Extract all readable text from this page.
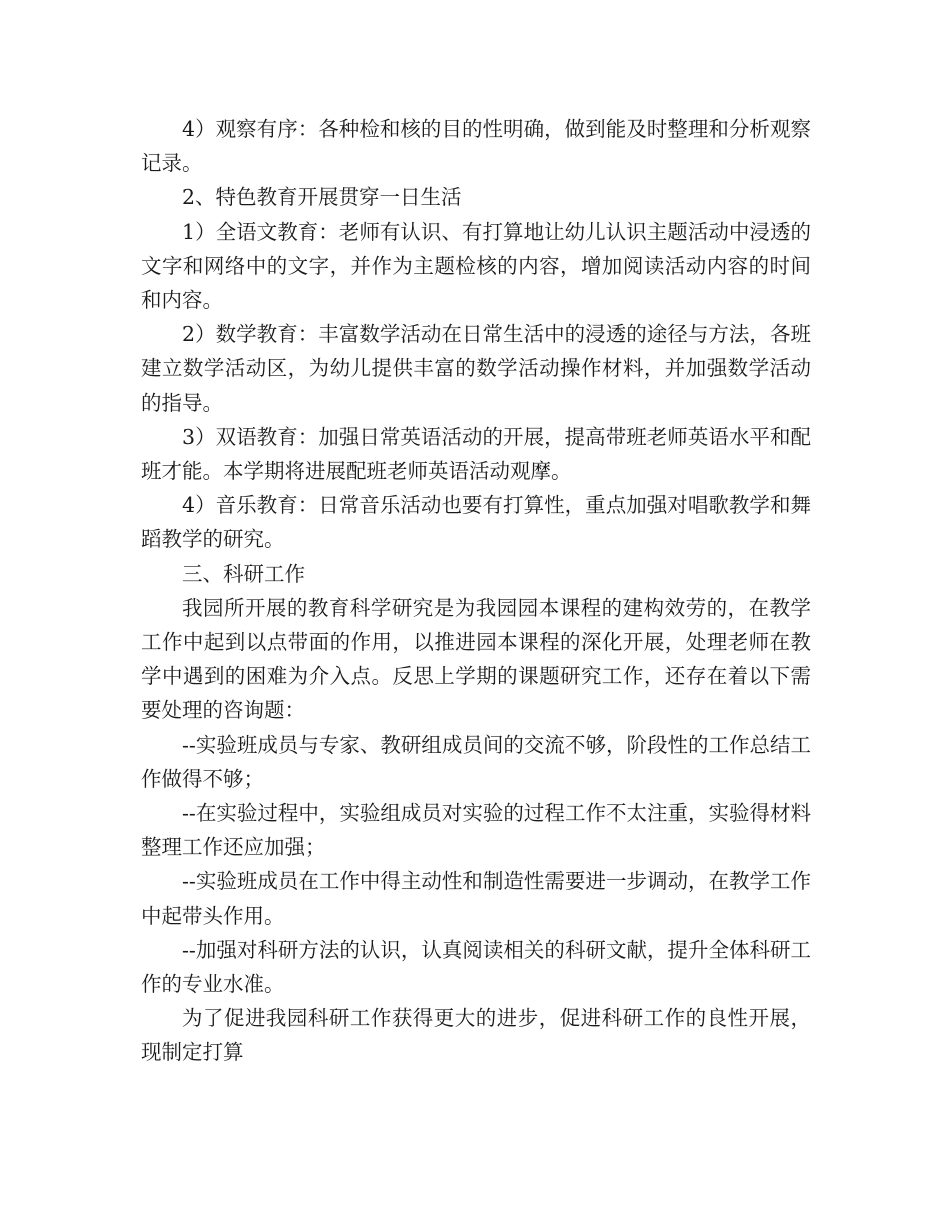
4）观察有序：各种检和核的目的性明确，做到能及时整理和分析观察记录。

2、特色教育开展贯穿一日生活

1）全语文教育：老师有认识、有打算地让幼儿认识主题活动中浸透的文字和网络中的文字，并作为主题检核的内容，增加阅读活动内容的时间和内容。

2）数学教育：丰富数学活动在日常生活中的浸透的途径与方法，各班建立数学活动区，为幼儿提供丰富的数学活动操作材料，并加强数学活动的指导。

3）双语教育：加强日常英语活动的开展，提高带班老师英语水平和配班才能。本学期将进展配班老师英语活动观摩。

4）音乐教育：日常音乐活动也要有打算性，重点加强对唱歌教学和舞蹈教学的研究。

三、科研工作

我园所开展的教育科学研究是为我园园本课程的建构效劳的，在教学工作中起到以点带面的作用，以推进园本课程的深化开展，处理老师在教学中遇到的困难为介入点。反思上学期的课题研究工作，还存在着以下需要处理的咨询题：

--实验班成员与专家、教研组成员间的交流不够，阶段性的工作总结工作做得不够；

--在实验过程中，实验组成员对实验的过程工作不太注重，实验得材料整理工作还应加强；

--实验班成员在工作中得主动性和制造性需要进一步调动，在教学工作中起带头作用。

--加强对科研方法的认识，认真阅读相关的科研文献，提升全体科研工作的专业水准。

为了促进我园科研工作获得更大的进步，促进科研工作的良性开展，现制定打算
